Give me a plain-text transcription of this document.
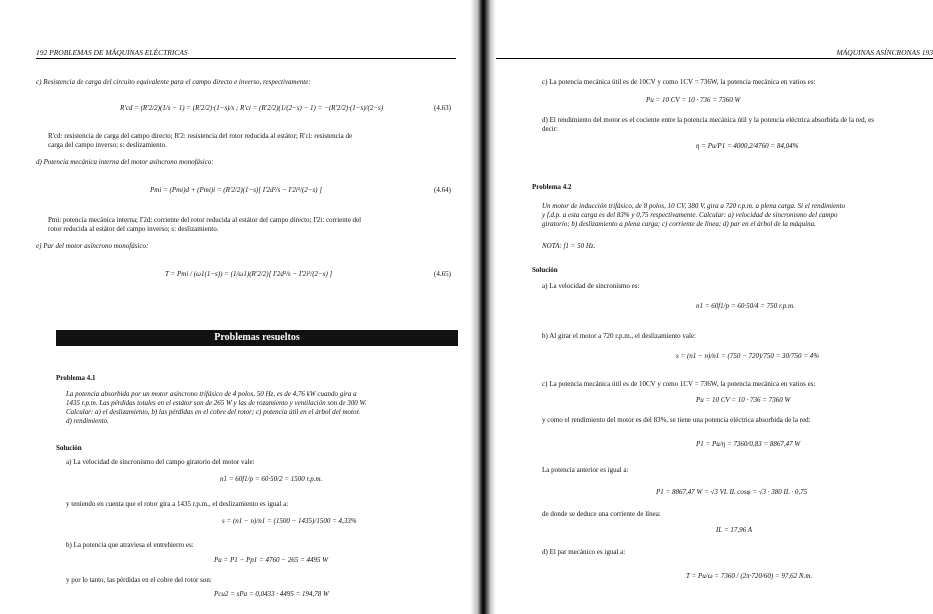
192 PROBLEMAS DE MÁQUINAS ELÉCTRICAS
c) Resistencia de carga del circuito equivalente para el campo directo e inverso, respectivamente:
R'cd = (R'2/2)(1/s − 1) = (R'2/2)·(1−s)/s ; R'ci = (R'2/2)(1/(2−s) − 1) = −(R'2/2)·(1−s)/(2−s)	(4.63)
R'cd: resistencia de carga del campo directo; R'2: resistencia del rotor reducida al estátor; R'ci: resistencia de
carga del campo inverso; s: deslizamiento.
d) Potencia mecánica interna del motor asíncrono monofásico:
Pmi = (Pmi)d + (Pmi)i = (R'2/2)(1−s)[ I'2d²/s − I'2i²/(2−s) ]	(4.64)
Pmi: potencia mecánica interna; I'2d: corriente del rotor reducida al estátor del campo directo; I'2i: corriente del
rotor reducida al estátor del campo inverso; s: deslizamiento.
e) Par del motor asíncrono monofásico:
T = Pmi / (ω1(1−s)) = (1/ω1)(R'2/2)[ I'2d²/s − I'2i²/(2−s) ]	(4.65)
Problemas resueltos
Problema 4.1
La potencia absorbida por un motor asíncrono trifásico de 4 polos, 50 Hz, es de 4,76 kW cuando gira a
1435 r.p.m. Las pérdidas totales en el estátor son de 265 W y las de rozamiento y ventilación son de 300 W.
Calcular: a) el deslizamiento, b) las pérdidas en el cobre del rotor; c) potencia útil en el árbol del motor.
d) rendimiento.
Solución
a) La velocidad de sincronismo del campo giratorio del motor vale:
n1 = 60f1/p = 60·50/2 = 1500 r.p.m.
y teniendo en cuenta que el rotor gira a 1435 r.p.m., el deslizamiento es igual a:
s = (n1 − n)/n1 = (1500 − 1435)/1500 = 4,33%
b) La potencia que atraviesa el entrehierro es:
Pa = P1 − Pp1 = 4760 − 265 = 4495 W
y por lo tanto, las pérdidas en el cobre del rotor son:
Pcu2 = sPa = 0,0433 · 4495 = 194,78 W
MÁQUINAS ASÍNCRONAS 193
c) La potencia mecánica útil es de 10CV y como 1CV = 736W, la potencia mecánica en vatios es:
Pu = 10 CV = 10 · 736 = 7360 W
d) El rendimiento del motor es el cociente entre la potencia mecánica útil y la potencia eléctrica absorbida de la red, es
decir:
η = Pu/P1 = 4000,2/4760 = 84,04%
Problema 4.2
Un motor de inducción trifásico, de 8 polos, 10 CV, 380 V, gira a 720 r.p.m. a plena carga. Si el rendimiento
y f.d.p. a esta carga es del 83% y 0,75 respectivamente. Calcular: a) velocidad de sincronismo del campo
giratorio; b) deslizamiento a plena carga; c) corriente de línea; d) par en el árbol de la máquina.
NOTA: f1 = 50 Hz.
Solución
a) La velocidad de sincronismo es:
n1 = 60f1/p = 60·50/4 = 750 r.p.m.
b) Al girar el motor a 720 r.p.m., el deslizamiento vale:
s = (n1 − n)/n1 = (750 − 720)/750 = 30/750 = 4%
c) La potencia mecánica útil es de 10CV y como 1CV = 736W, la potencia mecánica en vatios es:
Pu = 10 CV = 10 · 736 = 7360 W
y como el rendimiento del motor es del 83%, se tiene una potencia eléctrica absorbida de la red:
P1 = Pu/η = 7360/0,83 = 8867,47 W
La potencia anterior es igual a:
P1 = 8867,47 W = √3 VL IL cosφ = √3 · 380 IL · 0,75
de donde se deduce una corriente de línea:
IL = 17,96 A
d) El par mecánico es igual a:
T = Pu/ω = 7360 / (2π·720/60) = 97,62 N.m.
